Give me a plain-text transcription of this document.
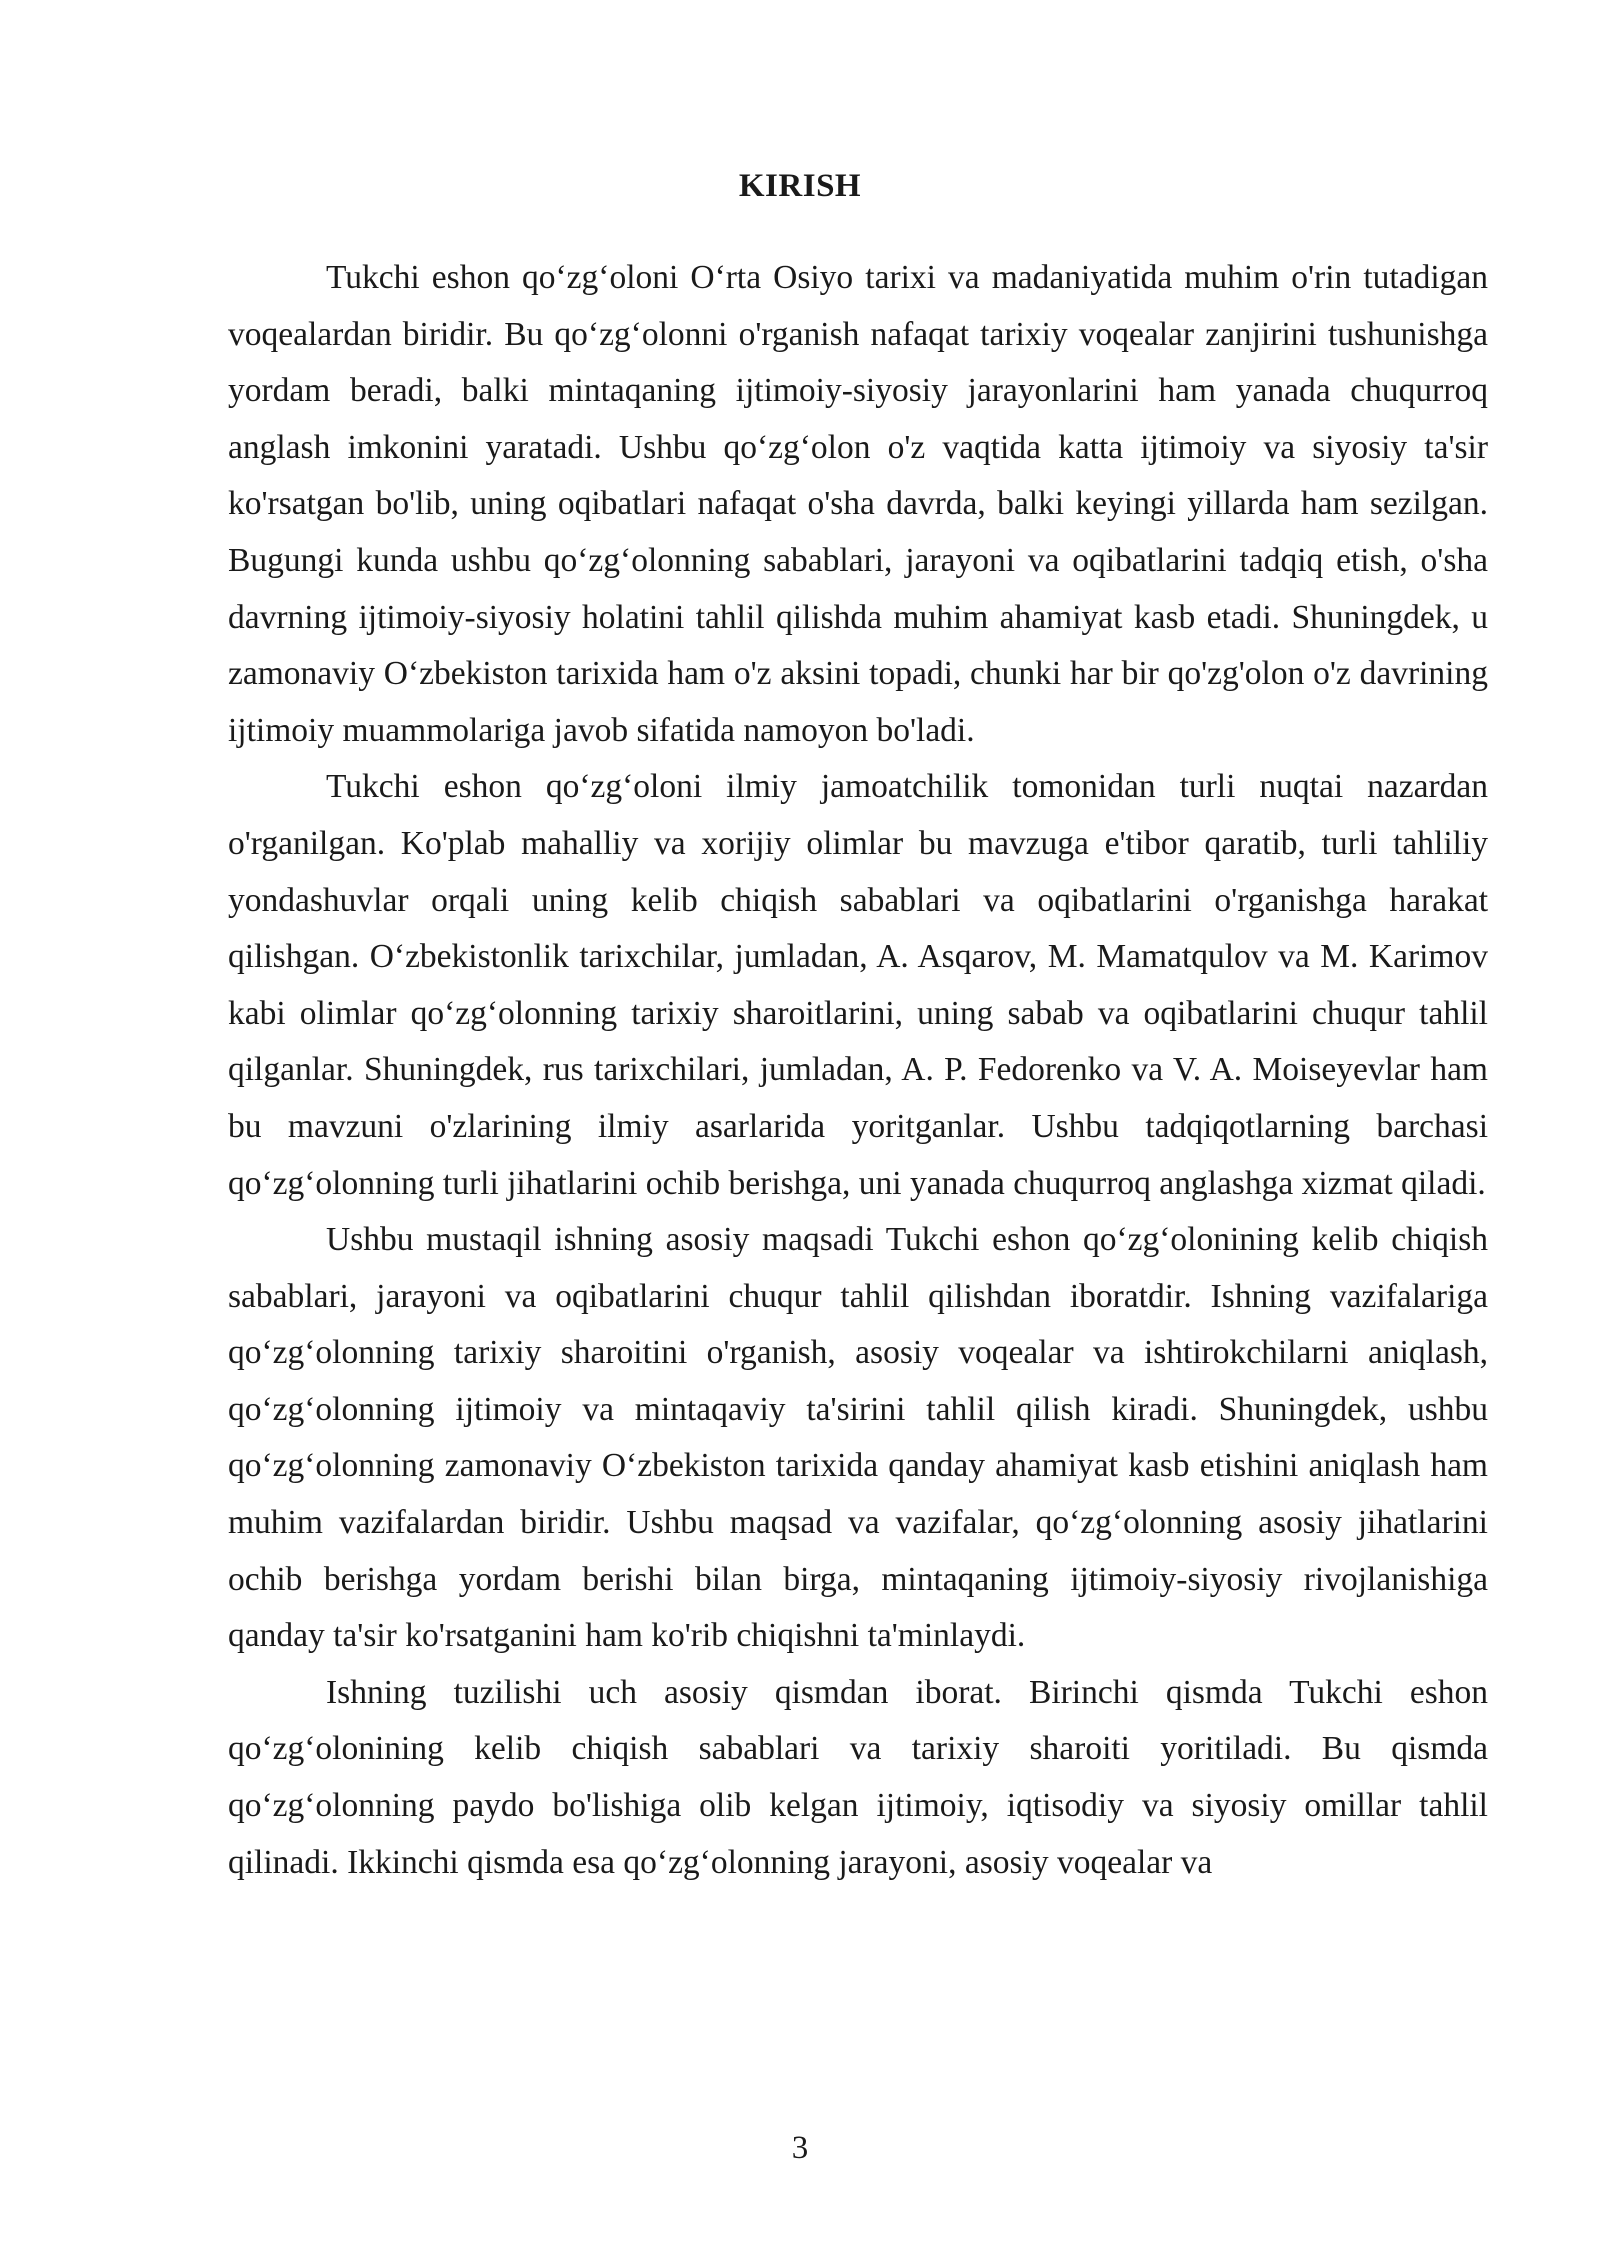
KIRISH

Tukchi eshon qo‘zg‘oloni O‘rta Osiyo tarixi va madaniyatida muhim o'rin tutadigan voqealardan biridir. Bu qo‘zg‘olonni o'rganish nafaqat tarixiy voqealar zanjirini tushunishga yordam beradi, balki mintaqaning ijtimoiy-siyosiy jarayonlarini ham yanada chuqurroq anglash imkonini yaratadi. Ushbu qo‘zg‘olon o'z vaqtida katta ijtimoiy va siyosiy ta'sir ko'rsatgan bo'lib, uning oqibatlari nafaqat o'sha davrda, balki keyingi yillarda ham sezilgan. Bugungi kunda ushbu qo‘zg‘olonning sabablari, jarayoni va oqibatlarini tadqiq etish, o'sha davrning ijtimoiy-siyosiy holatini tahlil qilishda muhim ahamiyat kasb etadi. Shuningdek, u zamonaviy O‘zbekiston tarixida ham o'z aksini topadi, chunki har bir qo'zg'olon o'z davrining ijtimoiy muammolariga javob sifatida namoyon bo'ladi.

Tukchi eshon qo‘zg‘oloni ilmiy jamoatchilik tomonidan turli nuqtai nazardan o'rganilgan. Ko'plab mahalliy va xorijiy olimlar bu mavzuga e'tibor qaratib, turli tahliliy yondashuvlar orqali uning kelib chiqish sabablari va oqibatlarini o'rganishga harakat qilishgan. O‘zbekistonlik tarixchilar, jumladan, A. Asqarov, M. Mamatqulov va M. Karimov kabi olimlar qo‘zg‘olonning tarixiy sharoitlarini, uning sabab va oqibatlarini chuqur tahlil qilganlar. Shuningdek, rus tarixchilari, jumladan, A. P. Fedorenko va V. A. Moiseyevlar ham bu mavzuni o'zlarining ilmiy asarlarida yoritganlar. Ushbu tadqiqotlarning barchasi qo‘zg‘olonning turli jihatlarini ochib berishga, uni yanada chuqurroq anglashga xizmat qiladi.

Ushbu mustaqil ishning asosiy maqsadi Tukchi eshon qo‘zg‘olonining kelib chiqish sabablari, jarayoni va oqibatlarini chuqur tahlil qilishdan iboratdir. Ishning vazifalariga qo‘zg‘olonning tarixiy sharoitini o'rganish, asosiy voqealar va ishtirokchilarni aniqlash, qo‘zg‘olonning ijtimoiy va mintaqaviy ta'sirini tahlil qilish kiradi. Shuningdek, ushbu qo‘zg‘olonning zamonaviy O‘zbekiston tarixida qanday ahamiyat kasb etishini aniqlash ham muhim vazifalardan biridir. Ushbu maqsad va vazifalar, qo‘zg‘olonning asosiy jihatlarini ochib berishga yordam berishi bilan birga, mintaqaning ijtimoiy-siyosiy rivojlanishiga qanday ta'sir ko'rsatganini ham ko'rib chiqishni ta'minlaydi.

Ishning tuzilishi uch asosiy qismdan iborat. Birinchi qismda Tukchi eshon qo‘zg‘olonining kelib chiqish sabablari va tarixiy sharoiti yoritiladi. Bu qismda qo‘zg‘olonning paydo bo'lishiga olib kelgan ijtimoiy, iqtisodiy va siyosiy omillar tahlil qilinadi. Ikkinchi qismda esa qo‘zg‘olonning jarayoni, asosiy voqealar va

3
